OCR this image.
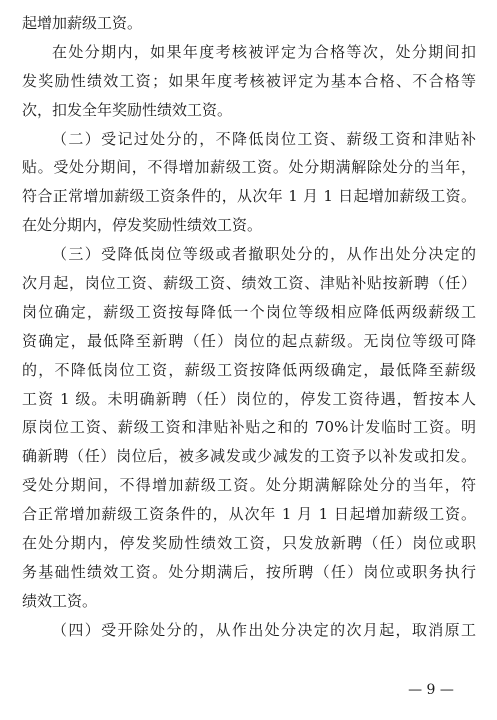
起增加薪级工资。
在处分期内，如果年度考核被评定为合格等次，处分期间扣
发奖励性绩效工资；如果年度考核被评定为基本合格、不合格等
次，扣发全年奖励性绩效工资。
（二）受记过处分的，不降低岗位工资、薪级工资和津贴补
贴。受处分期间，不得增加薪级工资。处分期满解除处分的当年，
符合正常增加薪级工资条件的，从次年 1 月 1 日起增加薪级工资。
在处分期内，停发奖励性绩效工资。
（三）受降低岗位等级或者撤职处分的，从作出处分决定的
次月起，岗位工资、薪级工资、绩效工资、津贴补贴按新聘（任）
岗位确定，薪级工资按每降低一个岗位等级相应降低两级薪级工
资确定，最低降至新聘（任）岗位的起点薪级。无岗位等级可降
的，不降低岗位工资，薪级工资按降低两级确定，最低降至薪级
工资 1 级。未明确新聘（任）岗位的，停发工资待遇，暂按本人
原岗位工资、薪级工资和津贴补贴之和的 70%计发临时工资。明
确新聘（任）岗位后，被多减发或少减发的工资予以补发或扣发。
受处分期间，不得增加薪级工资。处分期满解除处分的当年，符
合正常增加薪级工资条件的，从次年 1 月 1 日起增加薪级工资。
在处分期内，停发奖励性绩效工资，只发放新聘（任）岗位或职
务基础性绩效工资。处分期满后，按所聘（任）岗位或职务执行
绩效工资。
（四）受开除处分的，从作出处分决定的次月起，取消原工
— 9 —
